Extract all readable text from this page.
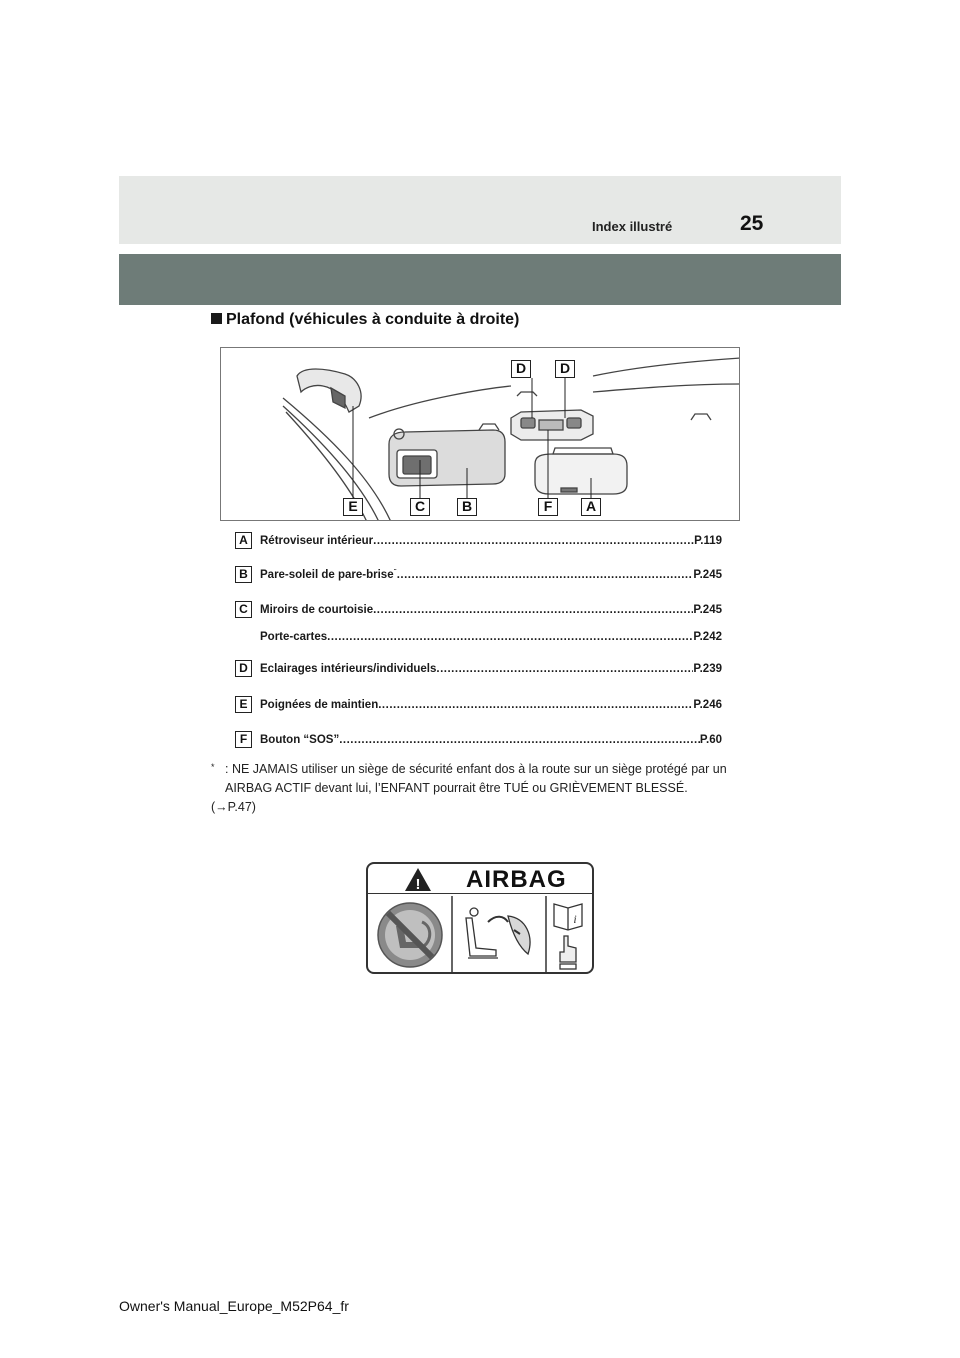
Index illustré	25
Plafond (véhicules à conduite à droite)
D	D
E	C	B	F	A
A	Rétroviseur intérieur .....	P.119
B	Pare-soleil de pare-brise* .....	P.245
C	Miroirs de courtoisie .....	P.245
Porte-cartes .....	P.242
D	Éclairages intérieurs/individuels .....	P.239
E	Poignées de maintien .....	P.246
F	Bouton “SOS” .....	P.60
* : NE JAMAIS utiliser un siège de sécurité enfant dos à la route sur un siège protégé par un AIRBAG ACTIF devant lui, l’ENFANT pourrait être TUÉ ou GRIÈVEMENT BLESSÉ.
(→P.47)
! AIRBAG
i
Owner's Manual_Europe_M52P64_fr
